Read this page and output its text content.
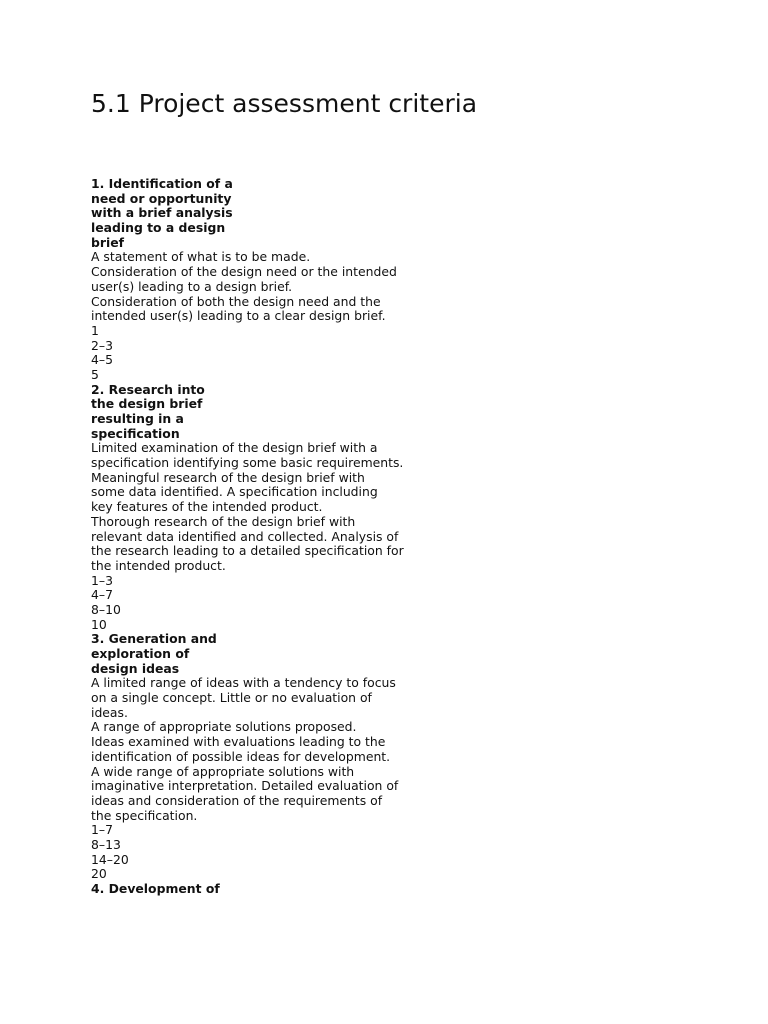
5.1 Project assessment criteria
1. Identification of a
need or opportunity
with a brief analysis
leading to a design
brief
A statement of what is to be made.
Consideration of the design need or the intended
user(s) leading to a design brief.
Consideration of both the design need and the
intended user(s) leading to a clear design brief.
1
2–3
4–5
5
2. Research into
the design brief
resulting in a
specification
Limited examination of the design brief with a
specification identifying some basic requirements.
Meaningful research of the design brief with
some data identified. A specification including
key features of the intended product.
Thorough research of the design brief with
relevant data identified and collected. Analysis of
the research leading to a detailed specification for
the intended product.
1–3
4–7
8–10
10
3. Generation and
exploration of
design ideas
A limited range of ideas with a tendency to focus
on a single concept. Little or no evaluation of
ideas.
A range of appropriate solutions proposed.
Ideas examined with evaluations leading to the
identification of possible ideas for development.
A wide range of appropriate solutions with
imaginative interpretation. Detailed evaluation of
ideas and consideration of the requirements of
the specification.
1–7
8–13
14–20
20
4. Development of
